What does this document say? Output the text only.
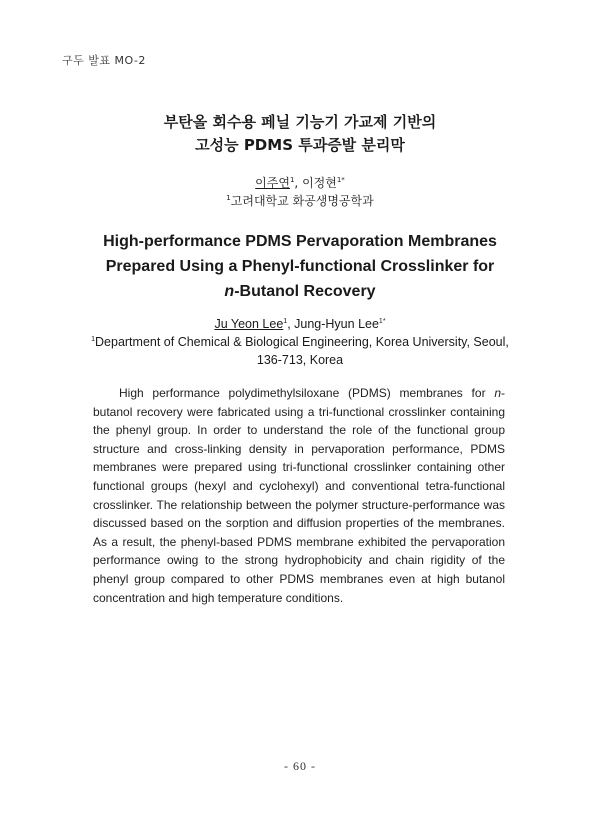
구두 발표 MO-2
부탄올 회수용 페닐 기능기 가교제 기반의
고성능 PDMS 투과증발 분리막
이주연$^1$, 이정현$^{1*}$
$^1$고려대학교 화공생명공학과
High-performance PDMS Pervaporation Membranes
Prepared Using a Phenyl-functional Crosslinker for
n-Butanol Recovery
Ju Yeon Lee$^1$, Jung-Hyun Lee$^{1*}$
$^1$Department of Chemical & Biological Engineering, Korea University, Seoul, 136-713, Korea
High performance polydimethylsiloxane (PDMS) membranes for n-butanol recovery were fabricated using a tri-functional crosslinker containing the phenyl group. In order to understand the role of the functional group structure and cross-linking density in pervaporation performance, PDMS membranes were prepared using tri-functional crosslinker containing other functional groups (hexyl and cyclohexyl) and conventional tetra-functional crosslinker. The relationship between the polymer structure-performance was discussed based on the sorption and diffusion properties of the membranes. As a result, the phenyl-based PDMS membrane exhibited the pervaporation performance owing to the strong hydrophobicity and chain rigidity of the phenyl group compared to other PDMS membranes even at high butanol concentration and high temperature conditions.
- 60 -
